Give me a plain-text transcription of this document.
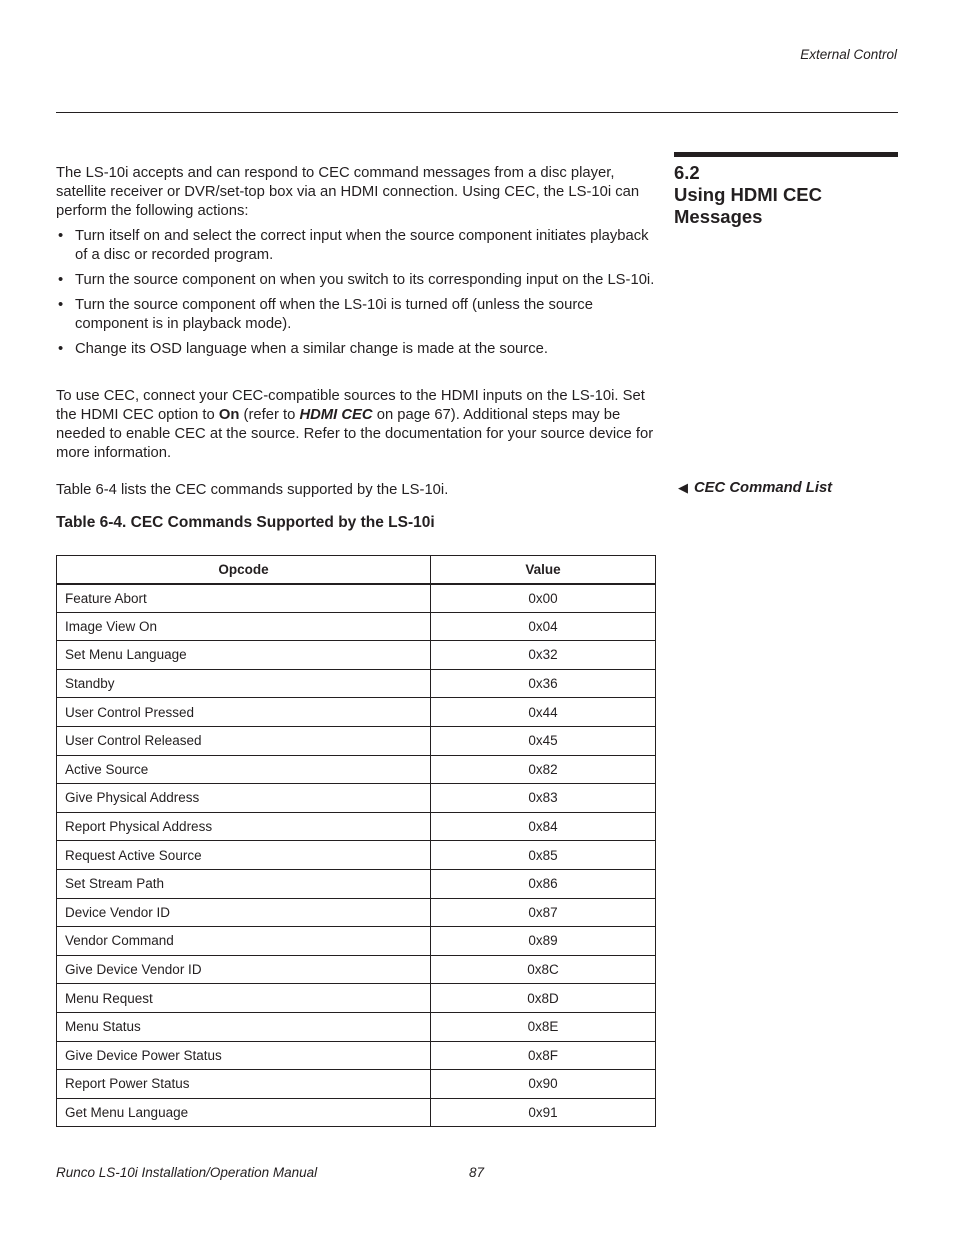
External Control

The LS-10i accepts and can respond to CEC command messages from a disc player, satellite receiver or DVR/set-top box via an HDMI connection. Using CEC, the LS-10i can perform the following actions:

• Turn itself on and select the correct input when the source component initiates playback of a disc or recorded program.
• Turn the source component on when you switch to its corresponding input on the LS-10i.
• Turn the source component off when the LS-10i is turned off (unless the source component is in playback mode).
• Change its OSD language when a similar change is made at the source.

To use CEC, connect your CEC-compatible sources to the HDMI inputs on the LS-10i. Set the HDMI CEC option to On (refer to HDMI CEC on page 67). Additional steps may be needed to enable CEC at the source. Refer to the documentation for your source device for more information.

Table 6-4 lists the CEC commands supported by the LS-10i.

Table 6-4. CEC Commands Supported by the LS-10i
6.2
Using HDMI CEC Messages
◀ CEC Command List
Opcode	Value
Feature Abort	0x00
Image View On	0x04
Set Menu Language	0x32
Standby	0x36
User Control Pressed	0x44
User Control Released	0x45
Active Source	0x82
Give Physical Address	0x83
Report Physical Address	0x84
Request Active Source	0x85
Set Stream Path	0x86
Device Vendor ID	0x87
Vendor Command	0x89
Give Device Vendor ID	0x8C
Menu Request	0x8D
Menu Status	0x8E
Give Device Power Status	0x8F
Report Power Status	0x90
Get Menu Language	0x91
Runco LS-10i Installation/Operation Manual	87
